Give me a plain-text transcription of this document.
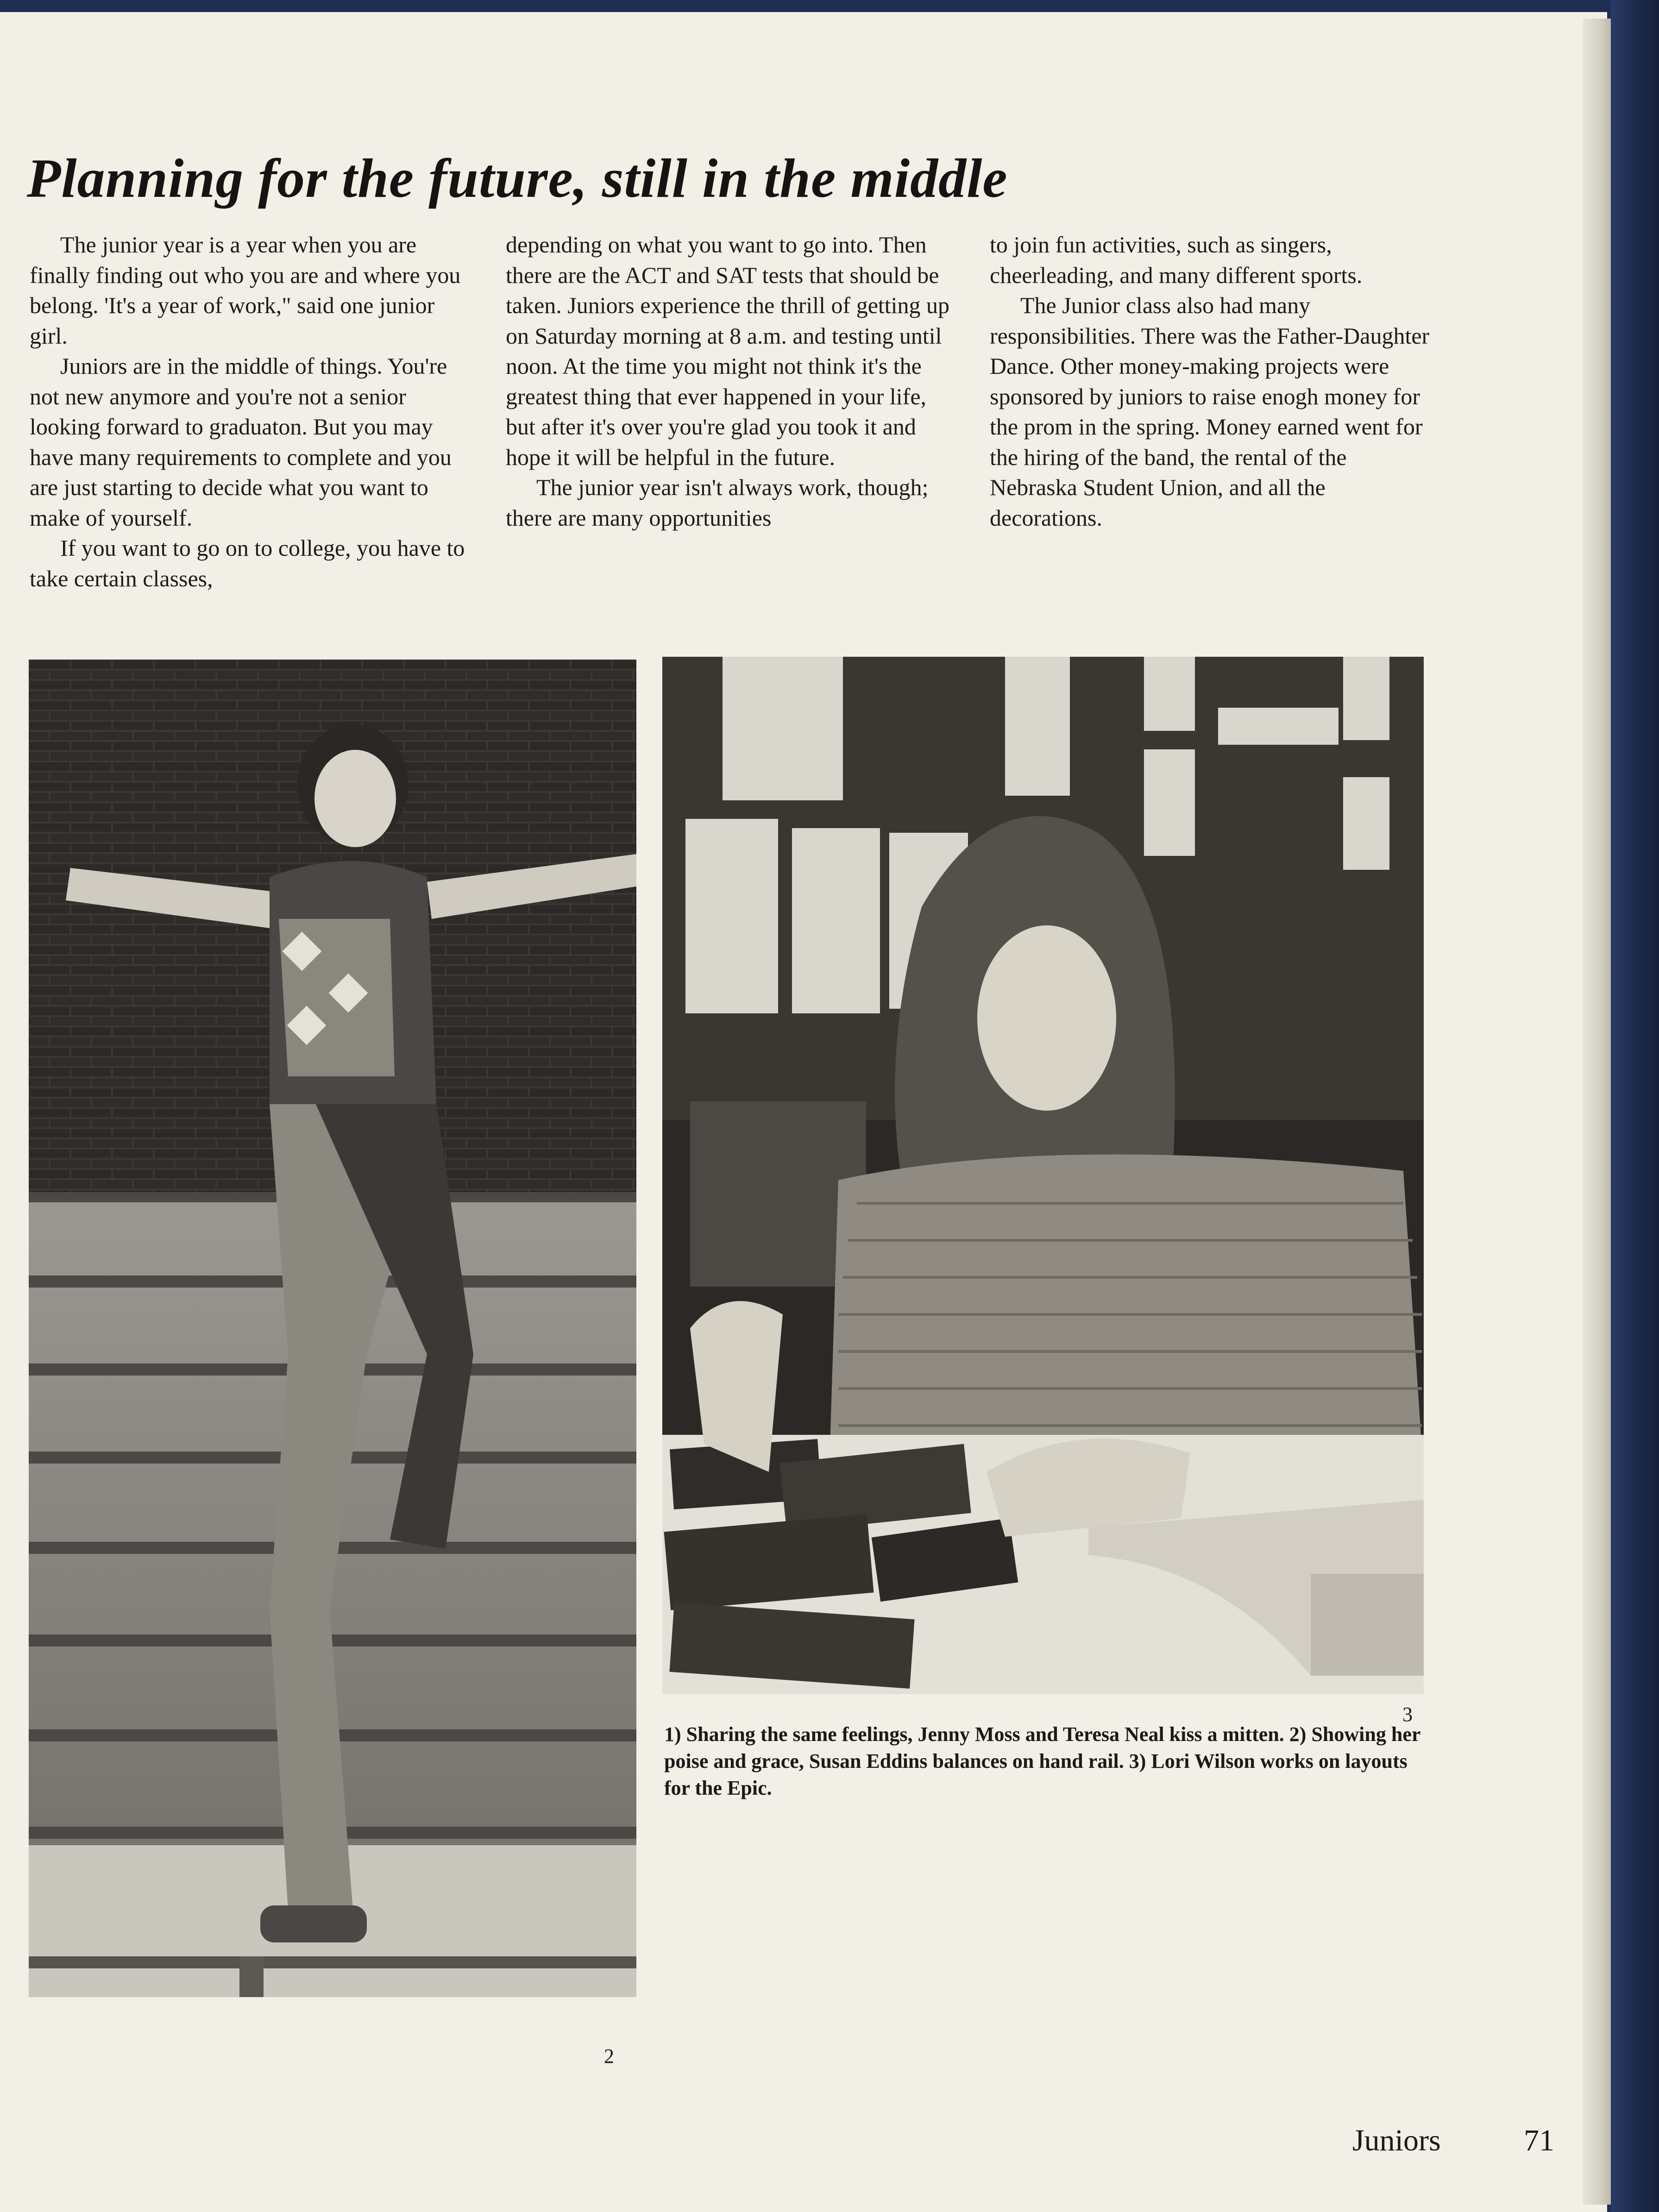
Planning for the future, still in the middle

The junior year is a year when you are finally finding out who you are and where you belong. 'It's a year of work," said one junior girl.

Juniors are in the middle of things. You're not new anymore and you're not a senior looking forward to graduaton. But you may have many requirements to complete and you are just starting to decide what you want to make of yourself.

If you want to go on to college, you have to take certain classes,

depending on what you want to go into. Then there are the ACT and SAT tests that should be taken. Juniors experience the thrill of getting up on Saturday morning at 8 a.m. and testing until noon. At the time you might not think it's the greatest thing that ever happened in your life, but after it's over you're glad you took it and hope it will be helpful in the future.

The junior year isn't always work, though; there are many opportunities

to join fun activities, such as singers, cheerleading, and many different sports.

The Junior class also had many responsibilities. There was the Father-Daughter Dance. Other money-making projects were sponsored by juniors to raise enogh money for the prom in the spring. Money earned went for the hiring of the band, the rental of the Nebraska Student Union, and all the decorations.

2
3

1) Sharing the same feelings, Jenny Moss and Teresa Neal kiss a mitten. 2) Showing her poise and grace, Susan Eddins balances on hand rail. 3) Lori Wilson works on layouts for the Epic.

Juniors	71
